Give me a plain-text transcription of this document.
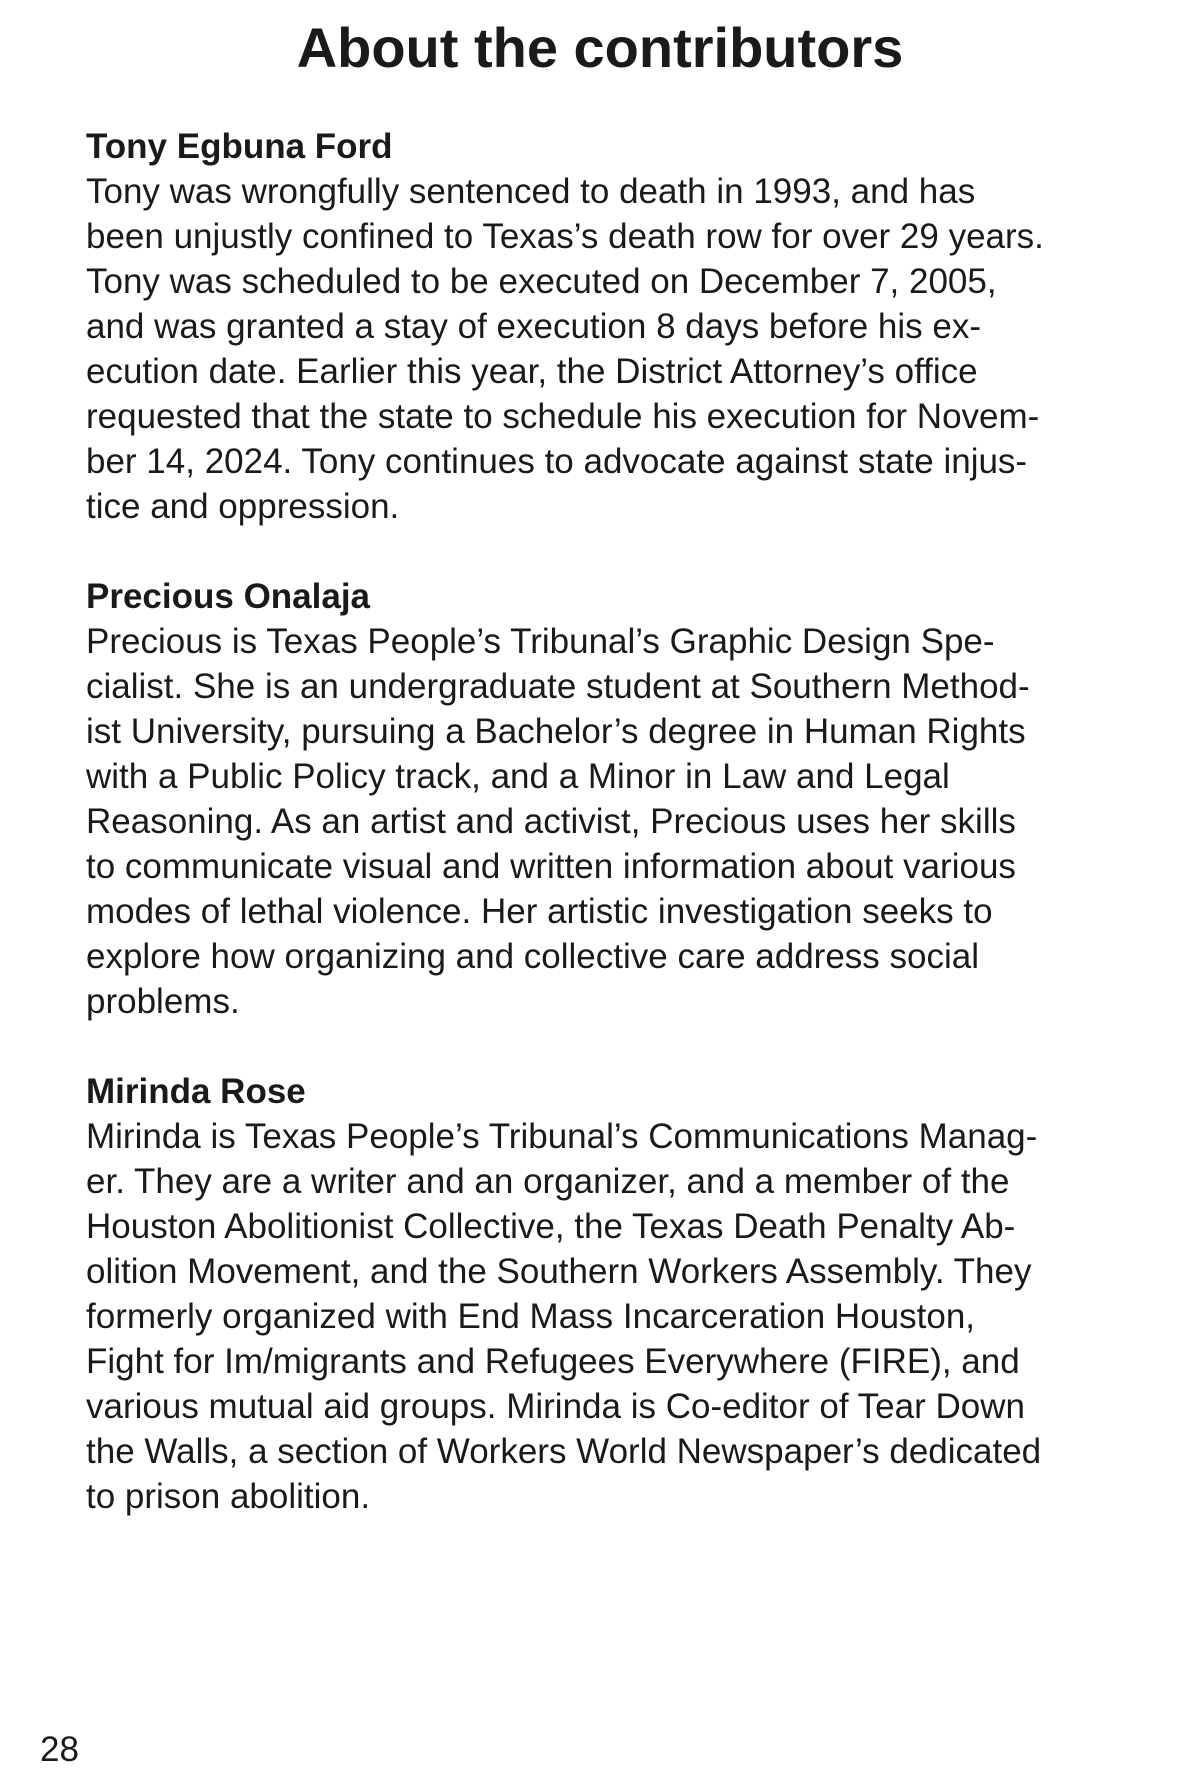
About the contributors

Tony Egbuna Ford

Tony was wrongfully sentenced to death in 1993, and has
been unjustly confined to Texas’s death row for over 29 years.
Tony was scheduled to be executed on December 7, 2005,
and was granted a stay of execution 8 days before his ex-
ecution date. Earlier this year, the District Attorney’s office
requested that the state to schedule his execution for Novem-
ber 14, 2024. Tony continues to advocate against state injus-
tice and oppression.

Precious Onalaja

Precious is Texas People’s Tribunal’s Graphic Design Spe-
cialist. She is an undergraduate student at Southern Method-
ist University, pursuing a Bachelor’s degree in Human Rights
with a Public Policy track, and a Minor in Law and Legal
Reasoning. As an artist and activist, Precious uses her skills
to communicate visual and written information about various
modes of lethal violence. Her artistic investigation seeks to
explore how organizing and collective care address social
problems.

Mirinda Rose

Mirinda is Texas People’s Tribunal’s Communications Manag-
er. They are a writer and an organizer, and a member of the
Houston Abolitionist Collective, the Texas Death Penalty Ab-
olition Movement, and the Southern Workers Assembly. They
formerly organized with End Mass Incarceration Houston,
Fight for Im/migrants and Refugees Everywhere (FIRE), and
various mutual aid groups. Mirinda is Co-editor of Tear Down
the Walls, a section of Workers World Newspaper’s dedicated
to prison abolition.

28
